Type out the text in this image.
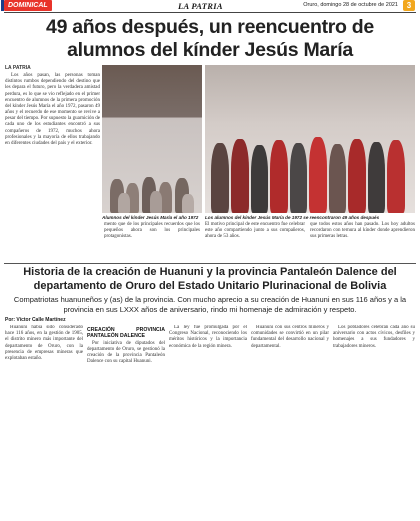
DOMINICAL	LA PATRIA	Oruro, domingo 28 de octubre de 2021	3
49 años después, un reencuentro de alumnos del kínder Jesús María
LA PATRIA

Los años pasan, las personas toman distintos rumbos dependiendo del destino que les depara el futuro, pero la verdadera amistad perdura, es lo que se vio reflejado en el primer encuentro de alumnos de la primera promoción del kínder Jesús María el año 1972, pasaron 49 años y el recuerdo de ese momento se revive a pesar del tiempo. Por supuesto la guarnición de cada uno de los estudiantes encontró a sus compañeros de 1972, muchos ahora profesionales y la mayoría de ellos trabajando en diferentes ciudades del país y el exterior.

Alumnos del kínder Jesús María el año 1972	Los alumnos del kínder Jesús María de 1972 se reencontraron 49 años después
mento que de los principales recuerdos que los pequeños ahora son los principales protagonistas.
El motivo principal de este encuentro fue celebrar este año compartiendo junto a sus compañeros, ahora de 53 años.
que todos estos años han pasado. Los hoy adultos recordaron con ternura al kínder donde aprendieron sus primeras letras.
Historia de la creación de Huanuni y la provincia Pantaleón Dalence del departamento de Oruro del Estado Unitario Plurinacional de Bolivia
Compatriotas huanuneños y (as) de la provincia. Con mucho aprecio a su creación de Huanuni en sus 116 años y a la provincia en sus LXXX años de aniversario, rindo mi homenaje de admiración y respeto.
Por: Víctor Calle Martínez

Huanuni había sido considerado hace 116 años, en la gestión de 1905, el distrito minero más importante del departamento de Oruro, con la presencia de empresas mineras que explotaban estaño.

CREACIÓN PROVINCIA PANTALEÓN DALENCE

Por iniciativa de diputados del departamento de Oruro, se gestionó la creación de la provincia Pantaleón Dalence con su capital Huanuni.

La ley fue promulgada por el Congreso Nacional, reconociendo los méritos históricos y la importancia económica de la región minera.

Huanuni con sus centros mineros y comunidades se convirtió en un pilar fundamental del desarrollo nacional y departamental.

Los pobladores celebran cada año su aniversario con actos cívicos, desfiles y homenajes a sus fundadores y trabajadores mineros.
